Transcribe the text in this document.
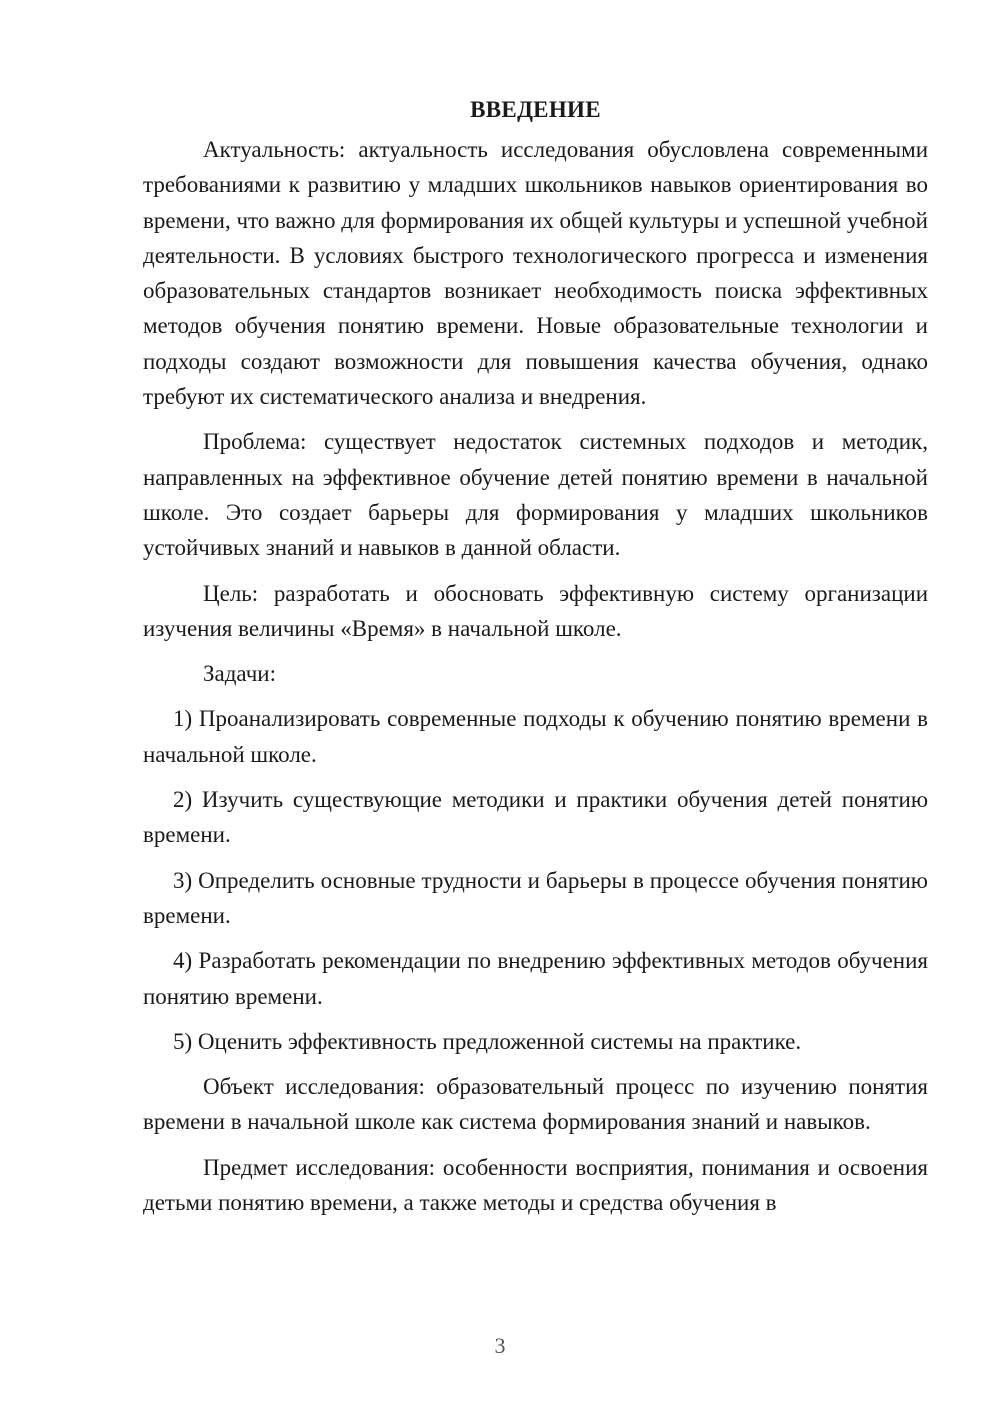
ВВЕДЕНИЕ

Актуальность: актуальность исследования обусловлена современными требованиями к развитию у младших школьников навыков ориентирования во времени, что важно для формирования их общей культуры и успешной учебной деятельности. В условиях быстрого технологического прогресса и изменения образовательных стандартов возникает необходимость поиска эффективных методов обучения понятию времени. Новые образовательные технологии и подходы создают возможности для повышения качества обучения, однако требуют их систематического анализа и внедрения.

Проблема: существует недостаток системных подходов и методик, направленных на эффективное обучение детей понятию времени в начальной школе. Это создает барьеры для формирования у младших школьников устойчивых знаний и навыков в данной области.

Цель: разработать и обосновать эффективную систему организации изучения величины «Время» в начальной школе.

Задачи:

1) Проанализировать современные подходы к обучению понятию времени в начальной школе.

2) Изучить существующие методики и практики обучения детей понятию времени.

3) Определить основные трудности и барьеры в процессе обучения понятию времени.

4) Разработать рекомендации по внедрению эффективных методов обучения понятию времени.

5) Оценить эффективность предложенной системы на практике.

Объект исследования: образовательный процесс по изучению понятия времени в начальной школе как система формирования знаний и навыков.

Предмет исследования: особенности восприятия, понимания и освоения детьми понятию времени, а также методы и средства обучения в

3
